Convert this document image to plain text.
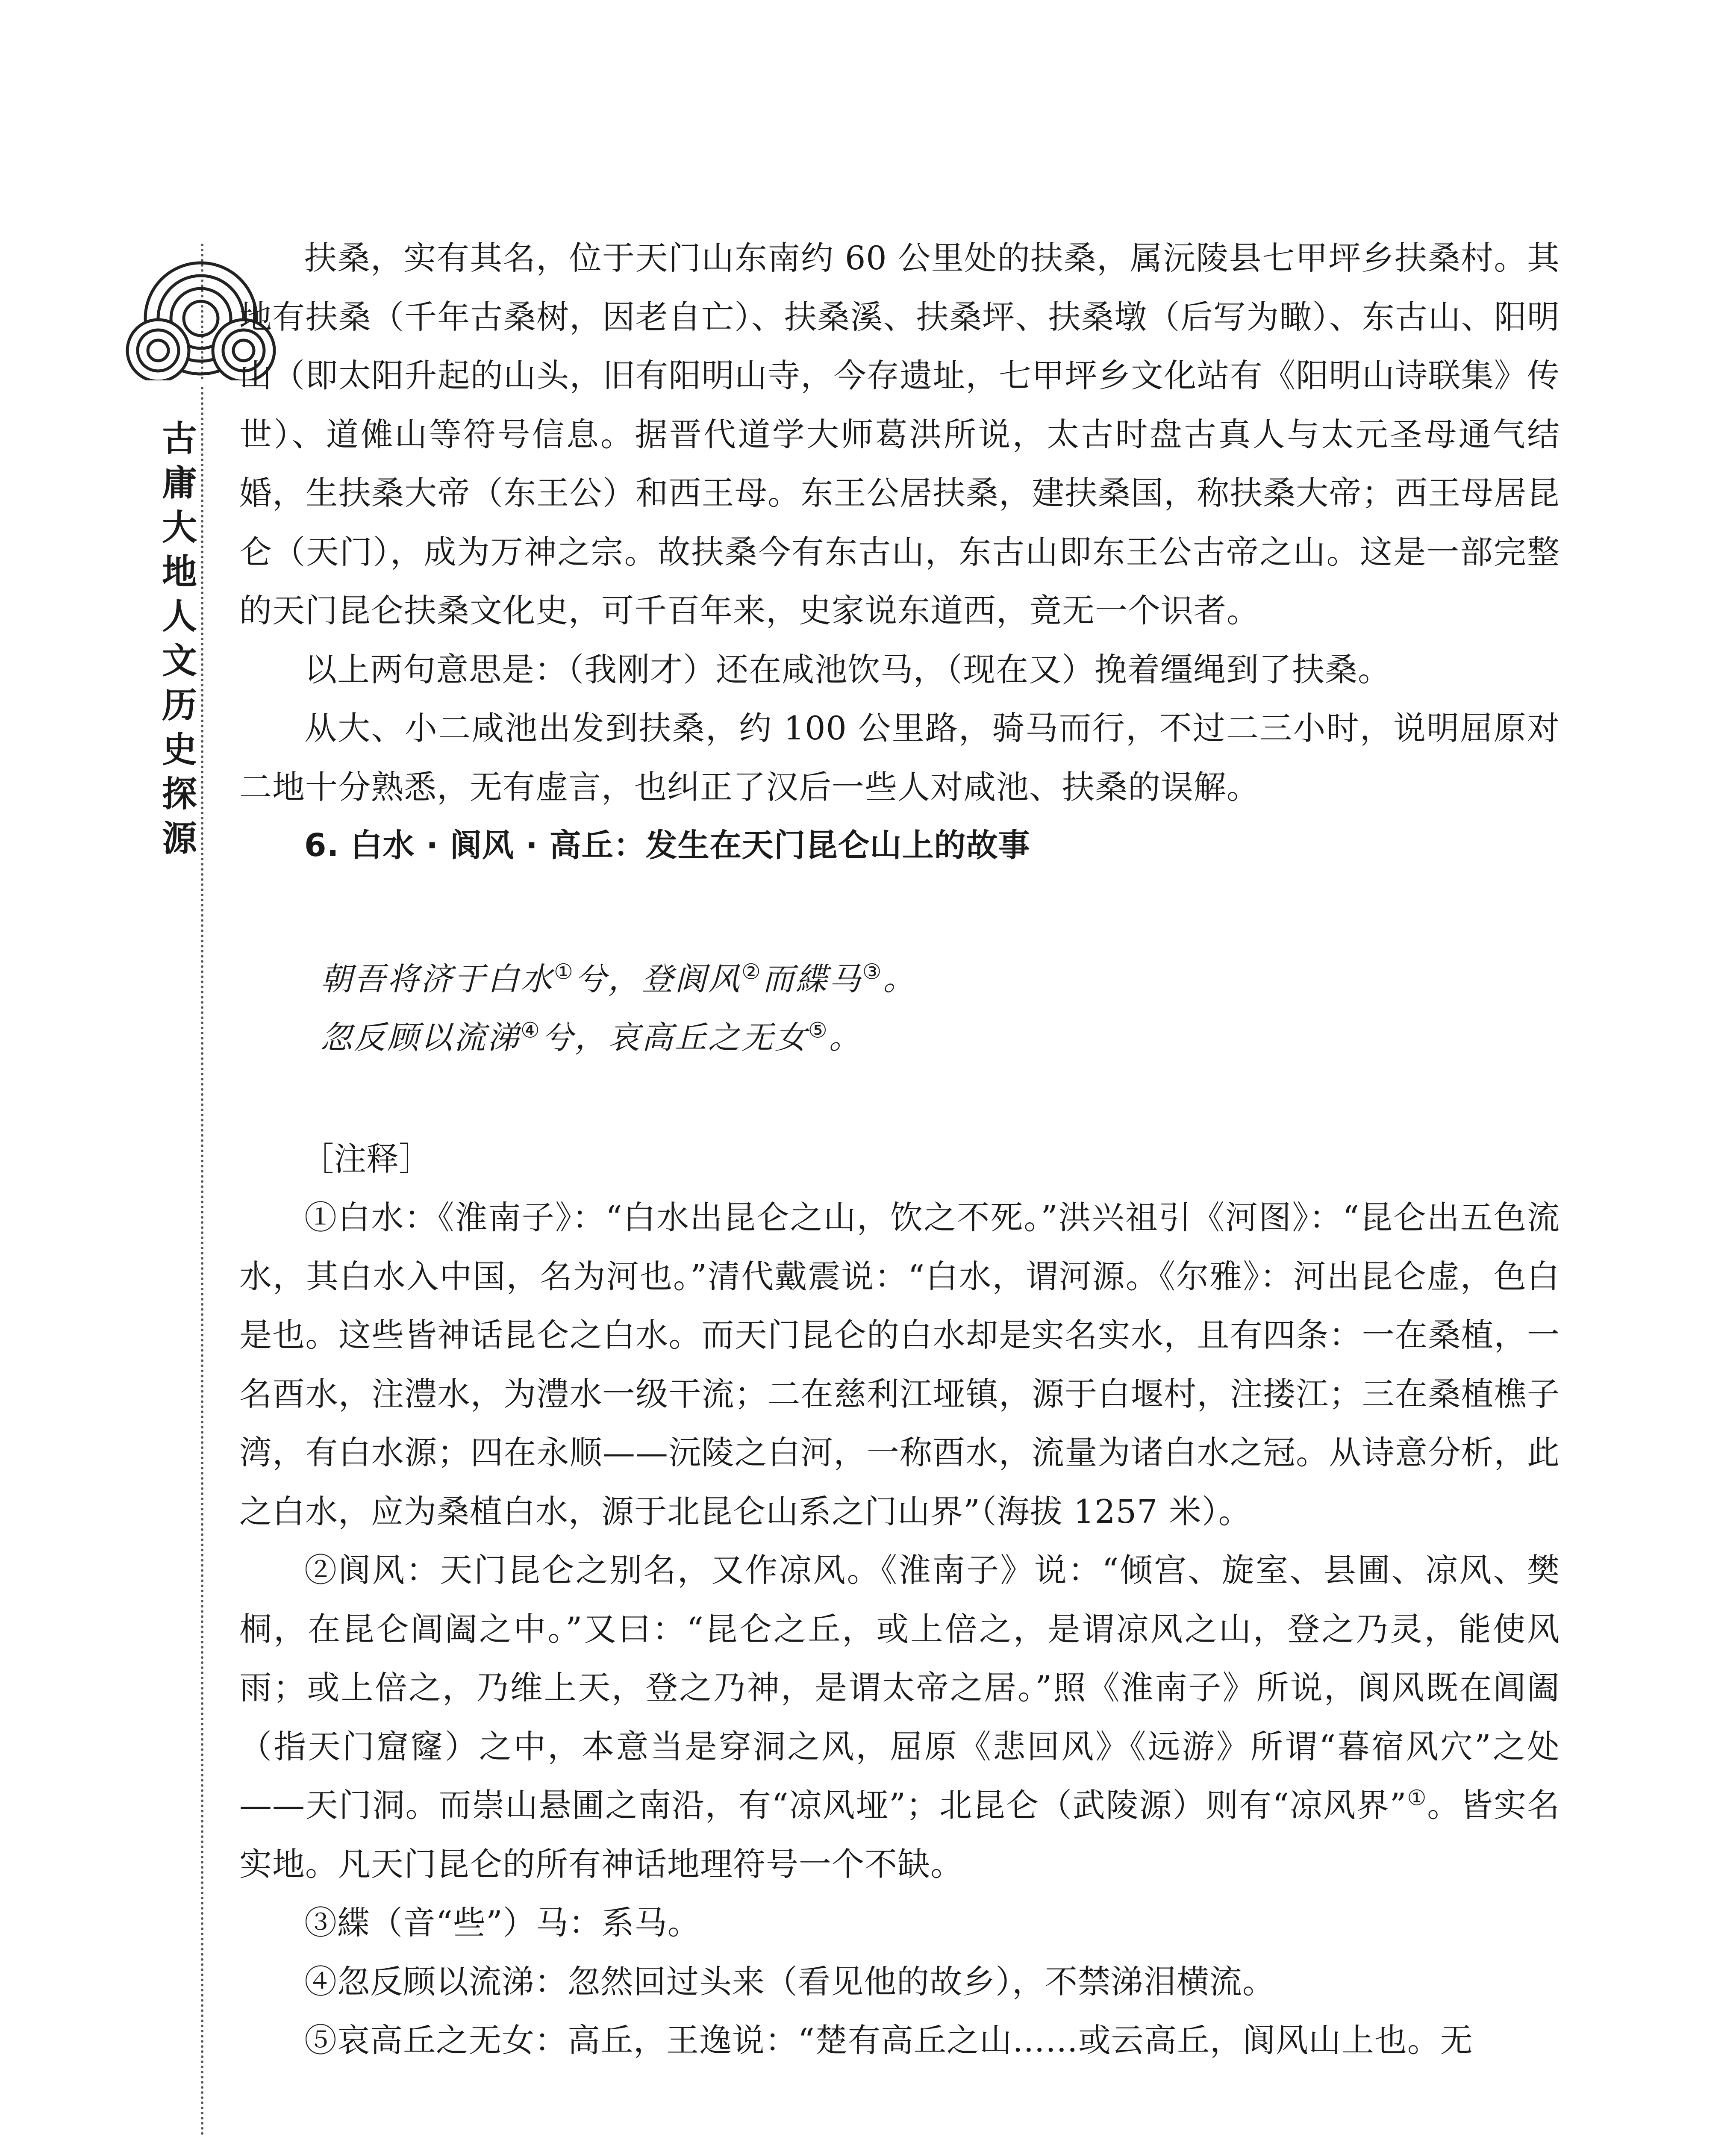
古庸大地人文历史探源

扶桑，实有其名，位于天门山东南约 60 公里处的扶桑，属沅陵县七甲坪乡扶桑村。其地有扶桑（千年古桑树，因老自亡）、扶桑溪、扶桑坪、扶桑墩（后写为瞰）、东古山、阳明山（即太阳升起的山头，旧有阳明山寺，今存遗址，七甲坪乡文化站有《阳明山诗联集》传世）、道傩山等符号信息。据晋代道学大师葛洪所说，太古时盘古真人与太元圣母通气结婚，生扶桑大帝（东王公）和西王母。东王公居扶桑，建扶桑国，称扶桑大帝；西王母居昆仑（天门），成为万神之宗。故扶桑今有东古山，东古山即东王公古帝之山。这是一部完整的天门昆仑扶桑文化史，可千百年来，史家说东道西，竟无一个识者。

以上两句意思是：（我刚才）还在咸池饮马，（现在又）挽着缰绳到了扶桑。

从大、小二咸池出发到扶桑，约 100 公里路，骑马而行，不过二三小时，说明屈原对二地十分熟悉，无有虚言，也纠正了汉后一些人对咸池、扶桑的误解。

6. 白水 · 阆风 · 高丘：发生在天门昆仑山上的故事

朝吾将济于白水①兮，登阆风②而緤马③。

忽反顾以流涕④兮，哀高丘之无女⑤。

［注释］

①白水：《淮南子》：“白水出昆仑之山，饮之不死。”洪兴祖引《河图》：“昆仑出五色流水，其白水入中国，名为河也。”清代戴震说：“白水，谓河源。《尔雅》：河出昆仑虚，色白是也。这些皆神话昆仑之白水。而天门昆仑的白水却是实名实水，且有四条：一在桑植，一名酉水，注澧水，为澧水一级干流；二在慈利江垭镇，源于白堰村，注搂江；三在桑植樵子湾，有白水源；四在永顺——沅陵之白河，一称酉水，流量为诸白水之冠。从诗意分析，此之白水，应为桑植白水，源于北昆仑山系之门山界”（海拔 1257 米）。

②阆风：天门昆仑之别名，又作凉风。《淮南子》说：“倾宫、旋室、县圃、凉风、樊桐，在昆仑阊阖之中。”又曰：“昆仑之丘，或上倍之，是谓凉风之山，登之乃灵，能使风雨；或上倍之，乃维上天，登之乃神，是谓太帝之居。”照《淮南子》所说，阆风既在阊阖（指天门窟窿）之中，本意当是穿洞之风，屈原《悲回风》《远游》所谓“暮宿风穴”之处——天门洞。而崇山悬圃之南沿，有“凉风垭”；北昆仑（武陵源）则有“凉风界”①。皆实名实地。凡天门昆仑的所有神话地理符号一个不缺。

③緤（音“些”）马：系马。

④忽反顾以流涕：忽然回过头来（看见他的故乡），不禁涕泪横流。

⑤哀高丘之无女：高丘，王逸说：“楚有高丘之山……或云高丘，阆风山上也。无
